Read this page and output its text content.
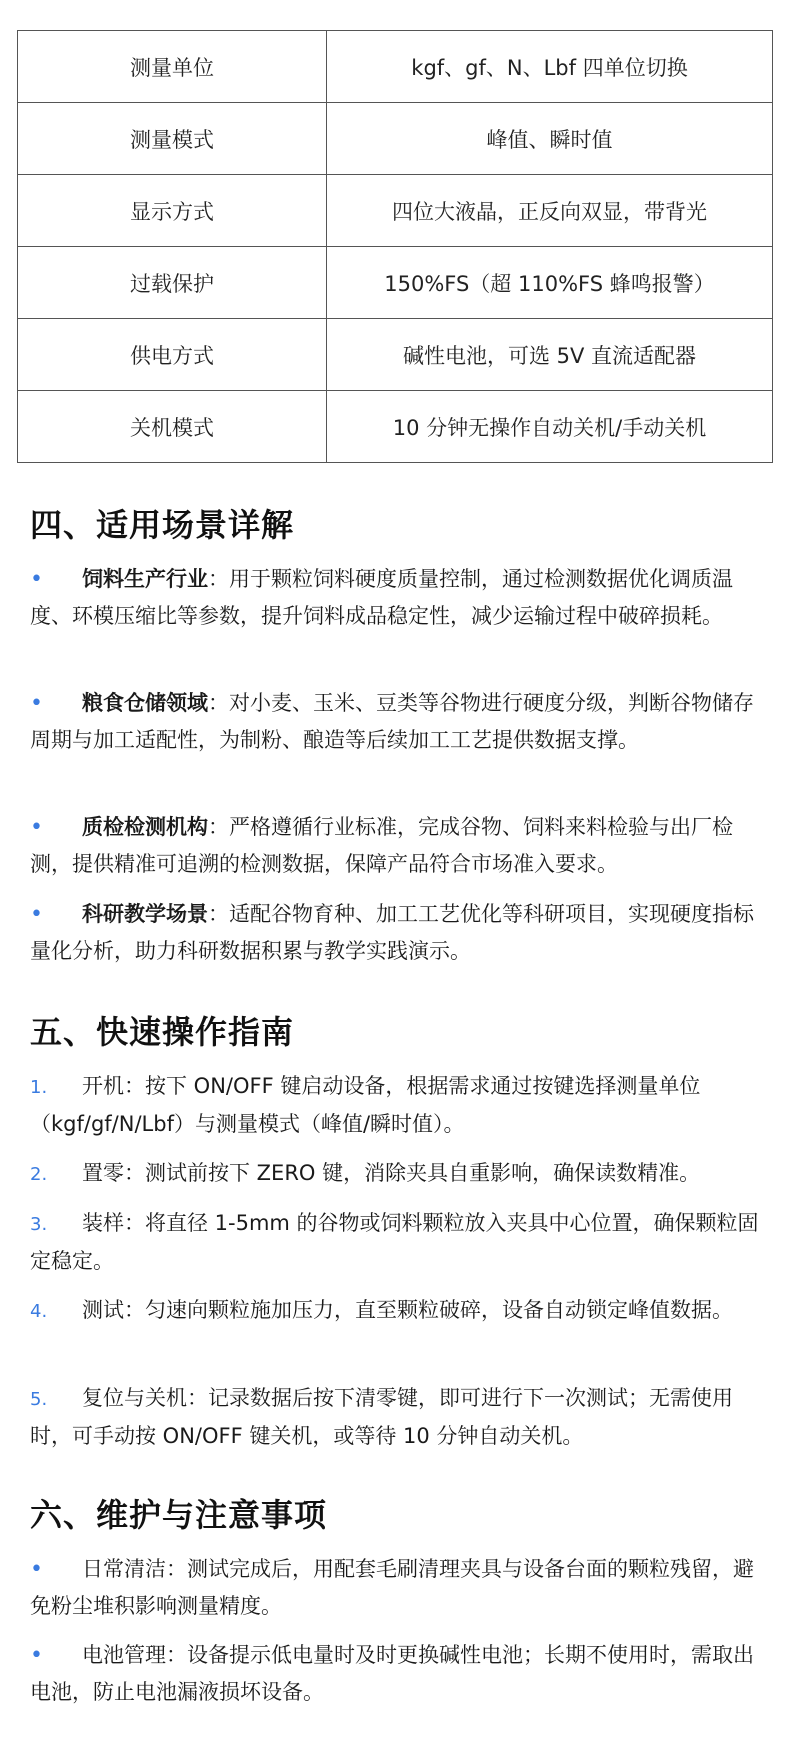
测量单位	kgf、gf、N、Lbf 四单位切换
测量模式	峰值、瞬时值
显示方式	四位大液晶，正反向双显，带背光
过载保护	150%FS（超 110%FS 蜂鸣报警）
供电方式	碱性电池，可选 5V 直流适配器
关机模式	10 分钟无操作自动关机/手动关机
四、适用场景详解
• 饲料生产行业：用于颗粒饲料硬度质量控制，通过检测数据优化调质温度、环模压缩比等参数，提升饲料成品稳定性，减少运输过程中破碎损耗。
• 粮食仓储领域：对小麦、玉米、豆类等谷物进行硬度分级，判断谷物储存周期与加工适配性，为制粉、酿造等后续加工工艺提供数据支撑。
• 质检检测机构：严格遵循行业标准，完成谷物、饲料来料检验与出厂检测，提供精准可追溯的检测数据，保障产品符合市场准入要求。
• 科研教学场景：适配谷物育种、加工工艺优化等科研项目，实现硬度指标量化分析，助力科研数据积累与教学实践演示。
五、快速操作指南
1. 开机：按下 ON/OFF 键启动设备，根据需求通过按键选择测量单位（kgf/gf/N/Lbf）与测量模式（峰值/瞬时值）。
2. 置零：测试前按下 ZERO 键，消除夹具自重影响，确保读数精准。
3. 装样：将直径 1-5mm 的谷物或饲料颗粒放入夹具中心位置，确保颗粒固定稳定。
4. 测试：匀速向颗粒施加压力，直至颗粒破碎，设备自动锁定峰值数据。
5. 复位与关机：记录数据后按下清零键，即可进行下一次测试；无需使用时，可手动按 ON/OFF 键关机，或等待 10 分钟自动关机。
六、维护与注意事项
• 日常清洁：测试完成后，用配套毛刷清理夹具与设备台面的颗粒残留，避免粉尘堆积影响测量精度。
• 电池管理：设备提示低电量时及时更换碱性电池；长期不使用时，需取出电池，防止电池漏液损坏设备。
